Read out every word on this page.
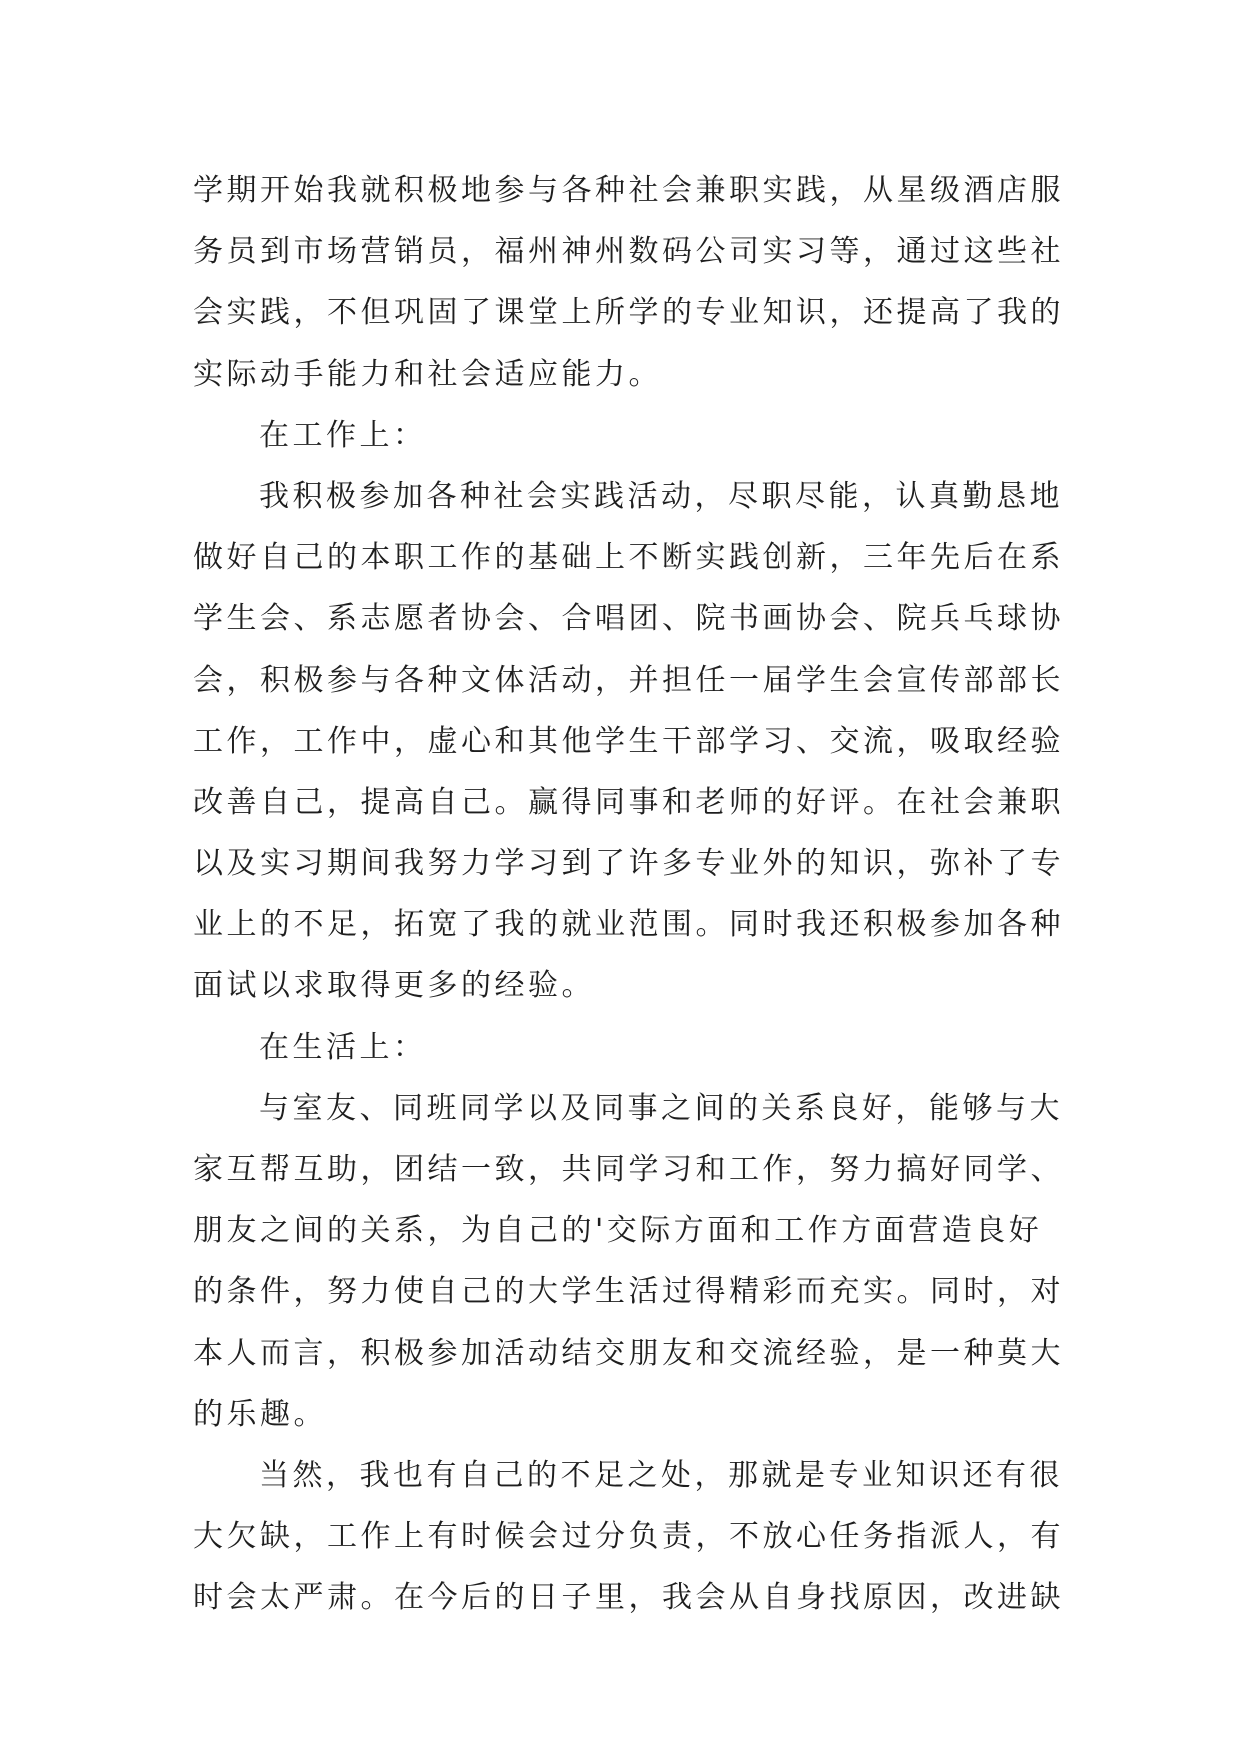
学期开始我就积极地参与各种社会兼职实践，从星级酒店服
务员到市场营销员，福州神州数码公司实习等，通过这些社
会实践，不但巩固了课堂上所学的专业知识，还提高了我的
实际动手能力和社会适应能力。
在工作上：
我积极参加各种社会实践活动，尽职尽能，认真勤恳地
做好自己的本职工作的基础上不断实践创新，三年先后在系
学生会、系志愿者协会、合唱团、院书画协会、院兵乓球协
会，积极参与各种文体活动，并担任一届学生会宣传部部长
工作，工作中，虚心和其他学生干部学习、交流，吸取经验
改善自己，提高自己。赢得同事和老师的好评。在社会兼职
以及实习期间我努力学习到了许多专业外的知识，弥补了专
业上的不足，拓宽了我的就业范围。同时我还积极参加各种
面试以求取得更多的经验。
在生活上：
与室友、同班同学以及同事之间的关系良好，能够与大
家互帮互助，团结一致，共同学习和工作，努力搞好同学、
朋友之间的关系，为自己的'交际方面和工作方面营造良好
的条件，努力使自己的大学生活过得精彩而充实。同时，对
本人而言，积极参加活动结交朋友和交流经验，是一种莫大
的乐趣。
当然，我也有自己的不足之处，那就是专业知识还有很
大欠缺，工作上有时候会过分负责，不放心任务指派人，有
时会太严肃。在今后的日子里，我会从自身找原因，改进缺
